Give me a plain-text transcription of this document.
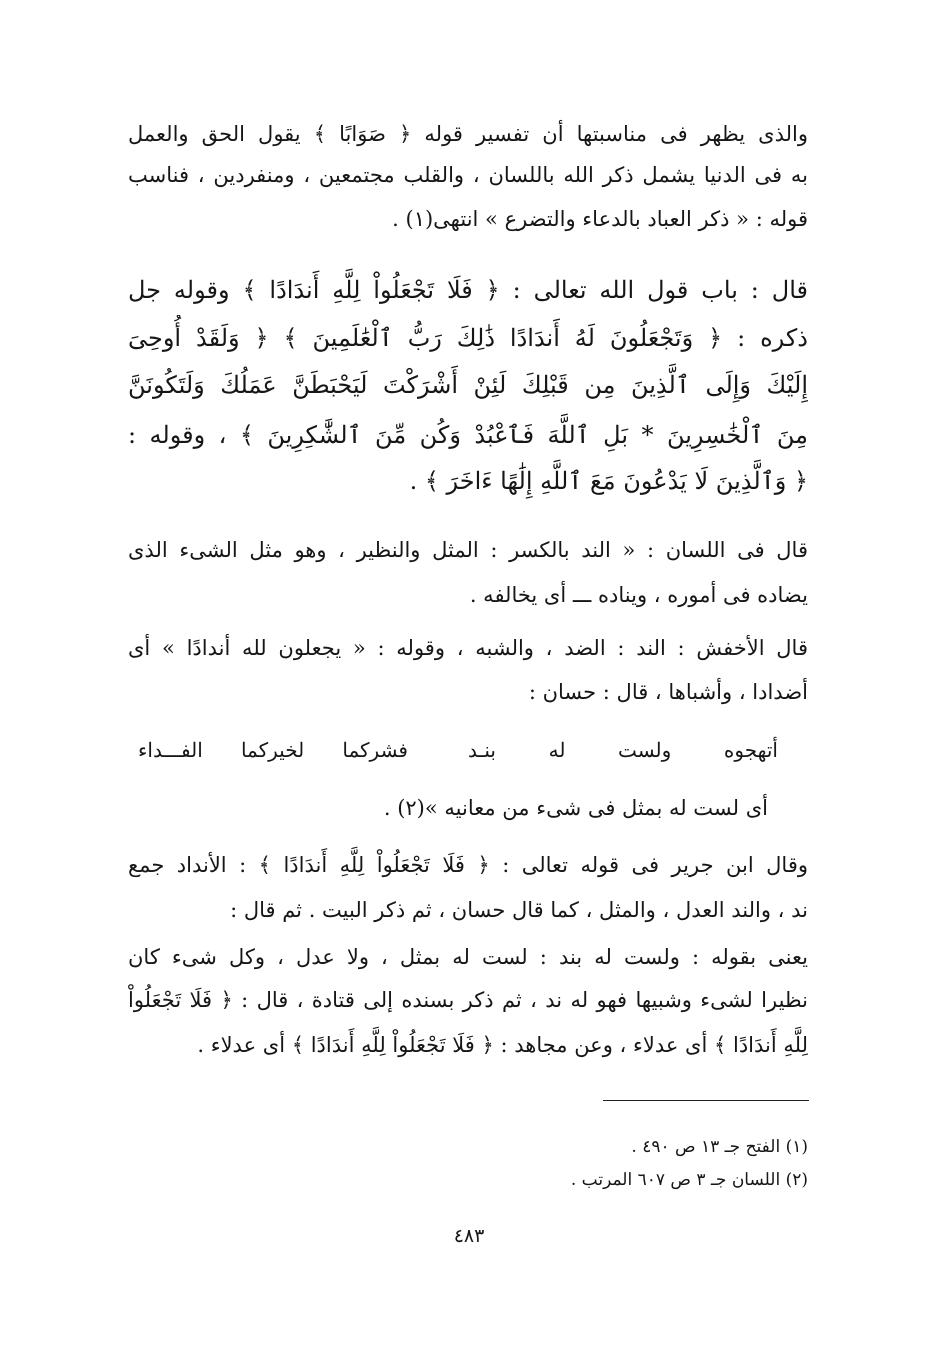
والذى يظهر فى مناسبتها أن تفسير قوله ﴿ صَوَابًا ﴾ يقول الحق والعمل
به فى الدنيا يشمل ذكر الله باللسان ، والقلب مجتمعين ، ومنفردين ، فناسب
قوله : « ذكر العباد بالدعاء والتضرع » انتهى(١) .
قال : باب قول الله تعالى : ﴿ فَلَا تَجْعَلُواْ لِلَّهِ أَندَادًا ﴾ وقوله جل
ذكره : ﴿ وَتَجْعَلُونَ لَهُ أَندَادًا ذَٰلِكَ رَبُّ ٱلْعَٰلَمِينَ ﴾ ﴿ وَلَقَدْ أُوحِىَ
إِلَيْكَ وَإِلَى ٱلَّذِينَ مِن قَبْلِكَ لَئِنْ أَشْرَكْتَ لَيَحْبَطَنَّ عَمَلُكَ وَلَتَكُونَنَّ
مِنَ ٱلْخَٰسِرِينَ * بَلِ ٱللَّهَ فَٱعْبُدْ وَكُن مِّنَ ٱلشَّٰكِرِينَ ﴾ ، وقوله :
﴿ وَٱلَّذِينَ لَا يَدْعُونَ مَعَ ٱللَّهِ إِلَٰهًا ءَاخَرَ ﴾ .
قال فى اللسان : « الند بالكسر : المثل والنظير ، وهو مثل الشىء الذى
يضاده فى أموره ، ويناده ـــ أى يخالفه .
قال الأخفش : الند : الضد ، والشبه ، وقوله : « يجعلون لله أندادًا » أى
أضدادا ، وأشباها ، قال : حسان :
أتهجوه ولست له بنـد
فشركما لخيركما الفـــداء
أى لست له بمثل فى شىء من معانيه »(٢) .
وقال ابن جرير فى قوله تعالى : ﴿ فَلَا تَجْعَلُواْ لِلَّهِ أَندَادًا ﴾ : الأنداد جمع
ند ، والند العدل ، والمثل ، كما قال حسان ، ثم ذكر البيت . ثم قال :
يعنى بقوله : ولست له بند : لست له بمثل ، ولا عدل ، وكل شىء كان
نظيرا لشىء وشبيها فهو له ند ، ثم ذكر بسنده إلى قتادة ، قال : ﴿ فَلَا تَجْعَلُواْ
لِلَّهِ أَندَادًا ﴾ أى عدلاء ، وعن مجاهد : ﴿ فَلَا تَجْعَلُواْ لِلَّهِ أَندَادًا ﴾ أى عدلاء .
(١) الفتح جـ ١٣ ص ٤٩٠ .
(٢) اللسان جـ ٣ ص ٦٠٧ المرتب .
٤٨٣
